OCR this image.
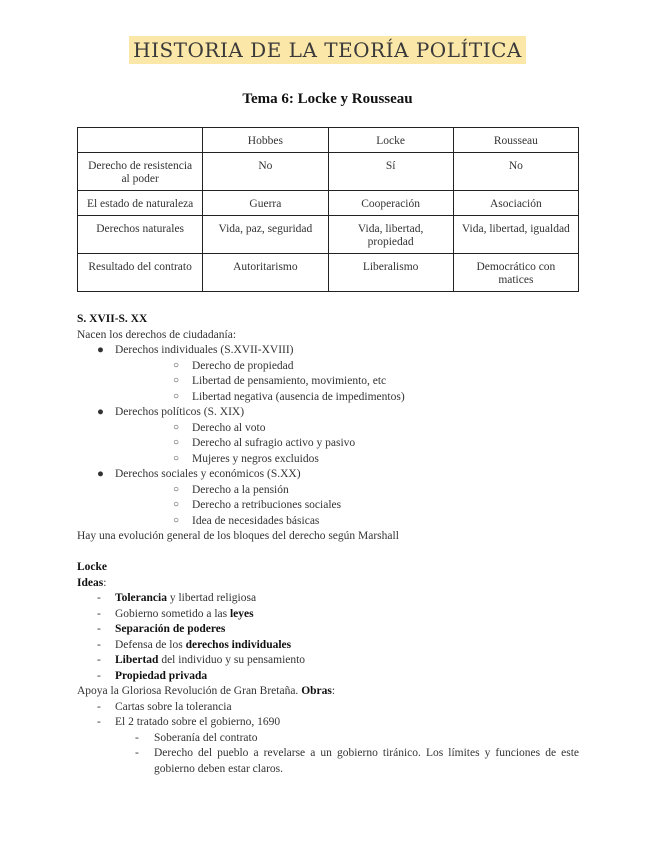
HISTORIA DE LA TEORÍA POLÍTICA
Tema 6: Locke y Rousseau
	Hobbes	Locke	Rousseau
Derecho de resistencia al poder	No	Sí	No
El estado de naturaleza	Guerra	Cooperación	Asociación
Derechos naturales	Vida, paz, seguridad	Vida, libertad, propiedad	Vida, libertad, igualdad
Resultado del contrato	Autoritarismo	Liberalismo	Democrático con matices

S. XVII-S. XX

Nacen los derechos de ciudadanía:

● Derechos individuales (S.XVII-XVIII)
○ Derecho de propiedad
○ Libertad de pensamiento, movimiento, etc
○ Libertad negativa (ausencia de impedimentos)
● Derechos políticos (S. XIX)
○ Derecho al voto
○ Derecho al sufragio activo y pasivo
○ Mujeres y negros excluidos
● Derechos sociales y económicos (S.XX)
○ Derecho a la pensión
○ Derecho a retribuciones sociales
○ Idea de necesidades básicas

Hay una evolución general de los bloques del derecho según Marshall

Locke

Ideas:

- Tolerancia y libertad religiosa
- Gobierno sometido a las leyes
- Separación de poderes
- Defensa de los derechos individuales
- Libertad del individuo y su pensamiento
- Propiedad privada

Apoya la Gloriosa Revolución de Gran Bretaña. Obras:

- Cartas sobre la tolerancia
- El 2 tratado sobre el gobierno, 1690
- Soberanía del contrato
- Derecho del pueblo a revelarse a un gobierno tiránico. Los límites y funciones de este gobierno deben estar claros.
